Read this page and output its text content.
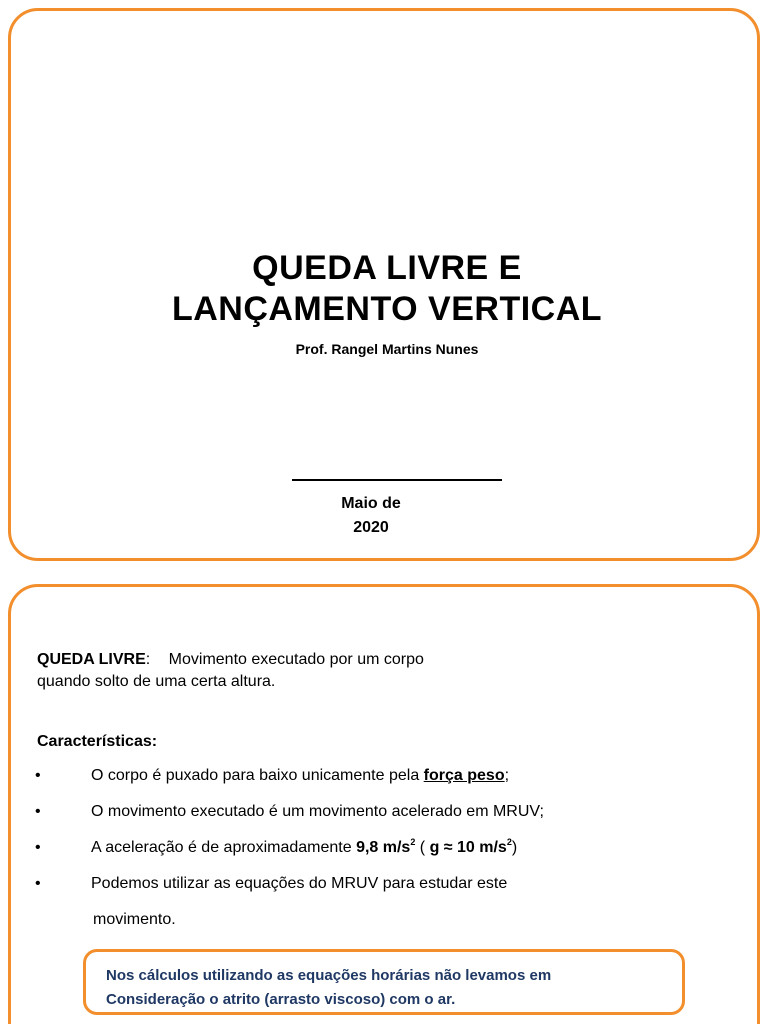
QUEDA LIVRE E
LANÇAMENTO VERTICAL
Prof. Rangel Martins Nunes
Maio de
2020
QUEDA LIVRE: Movimento executado por um corpo
quando solto de uma certa altura.
Características:
•	O corpo é puxado para baixo unicamente pela força peso;
•	O movimento executado é um movimento acelerado em MRUV;
•	A aceleração é de aproximadamente 9,8 $m/s^2$ ( g ≈ 10 $m/s^2$)
•	Podemos utilizar as equações do MRUV para estudar este
movimento.
Nos cálculos utilizando as equações horárias não levamos em
Consideração o atrito (arrasto viscoso) com o ar.
